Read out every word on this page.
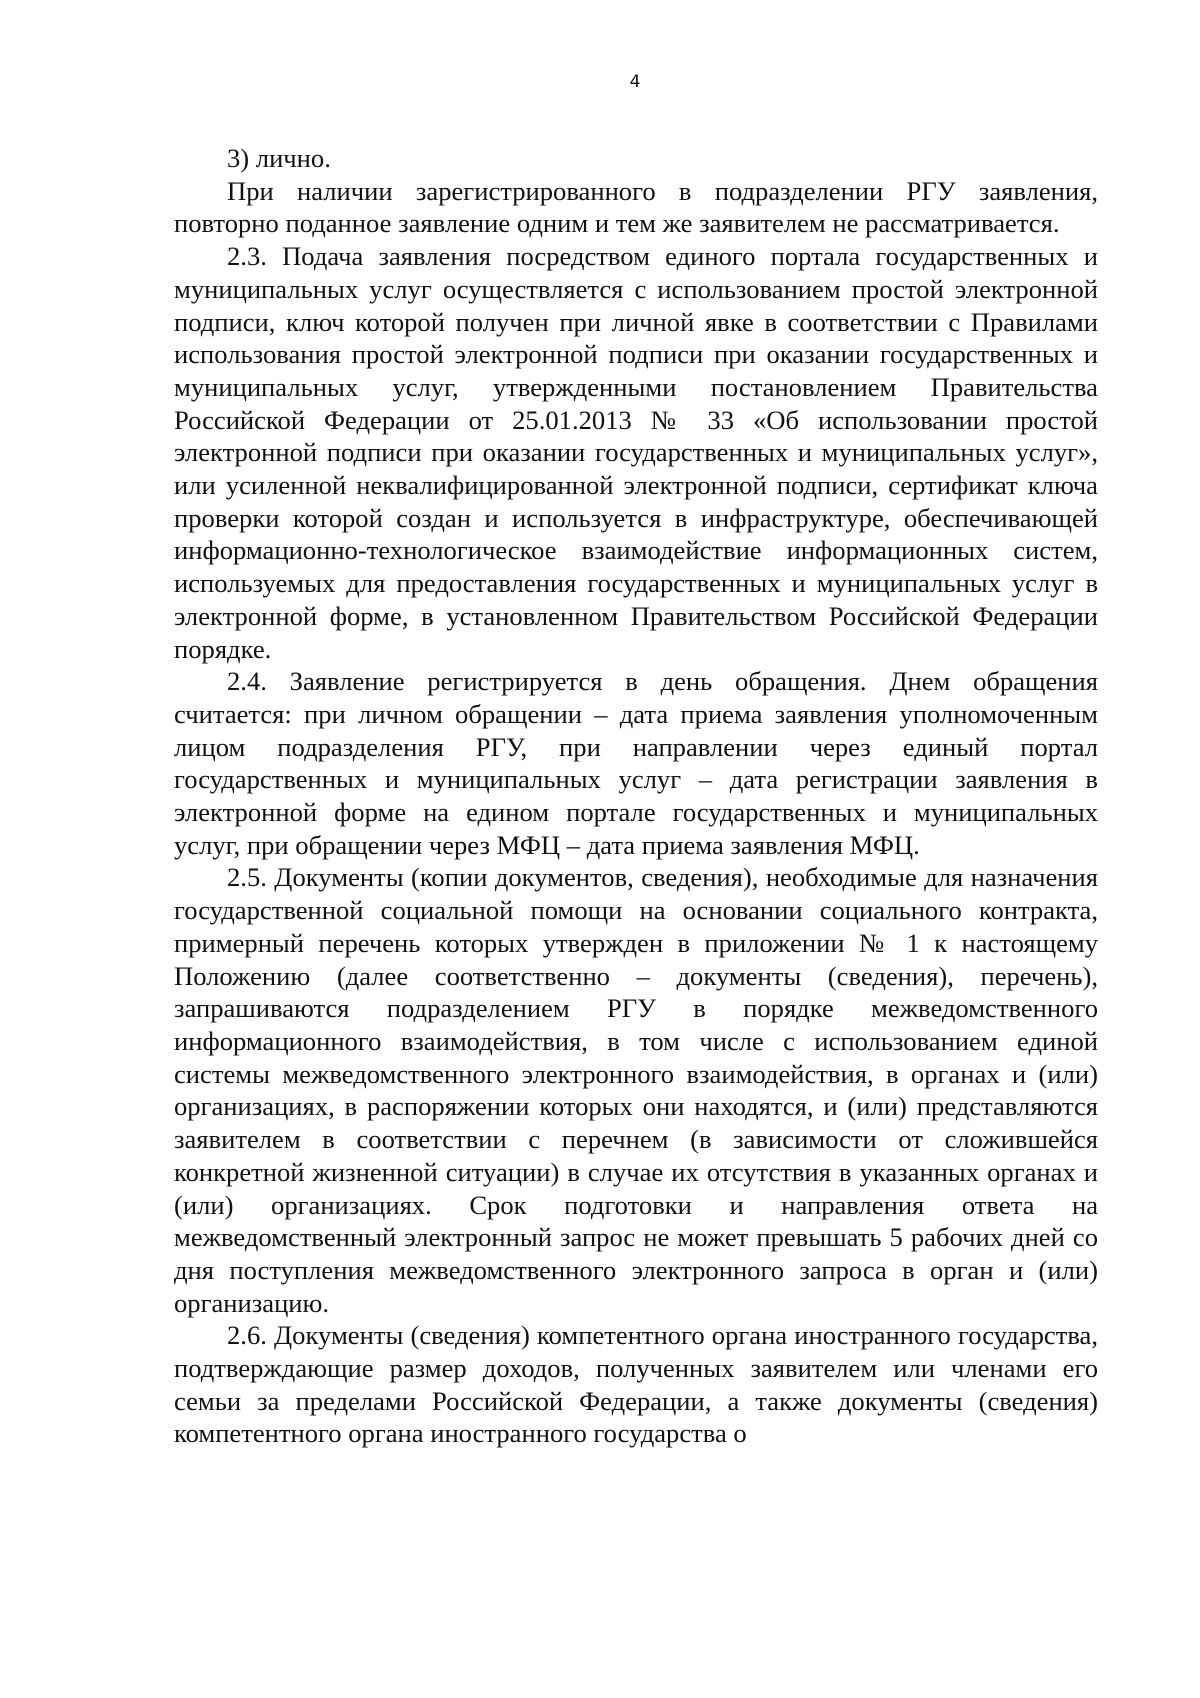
4

3) лично.

При наличии зарегистрированного в подразделении РГУ заявления, повторно поданное заявление одним и тем же заявителем не рассматривается.

2.3. Подача заявления посредством единого портала государственных и муниципальных услуг осуществляется с использованием простой электронной подписи, ключ которой получен при личной явке в соответствии с Правилами использования простой электронной подписи при оказании государственных и муниципальных услуг, утвержденными постановлением Правительства Российской Федерации от 25.01.2013 № 33 «Об использовании простой электронной подписи при оказании государственных и муниципальных услуг», или усиленной неквалифицированной электронной подписи, сертификат ключа проверки которой создан и используется в инфраструктуре, обеспечивающей информационно-технологическое взаимодействие информационных систем, используемых для предоставления государственных и муниципальных услуг в электронной форме, в установленном Правительством Российской Федерации порядке.

2.4. Заявление регистрируется в день обращения. Днем обращения считается: при личном обращении – дата приема заявления уполномоченным лицом подразделения РГУ, при направлении через единый портал государственных и муниципальных услуг – дата регистрации заявления в электронной форме на едином портале государственных и муниципальных услуг, при обращении через МФЦ – дата приема заявления МФЦ.

2.5. Документы (копии документов, сведения), необходимые для назначения государственной социальной помощи на основании социального контракта, примерный перечень которых утвержден в приложении № 1 к настоящему Положению (далее соответственно – документы (сведения), перечень), запрашиваются подразделением РГУ в порядке межведомственного информационного взаимодействия, в том числе с использованием единой системы межведомственного электронного взаимодействия, в органах и (или) организациях, в распоряжении которых они находятся, и (или) представляются заявителем в соответствии с перечнем (в зависимости от сложившейся конкретной жизненной ситуации) в случае их отсутствия в указанных органах и (или) организациях. Срок подготовки и направления ответа на межведомственный электронный запрос не может превышать 5 рабочих дней со дня поступления межведомственного электронного запроса в орган и (или) организацию.

2.6. Документы (сведения) компетентного органа иностранного государства, подтверждающие размер доходов, полученных заявителем или членами его семьи за пределами Российской Федерации, а также документы (сведения) компетентного органа иностранного государства о
